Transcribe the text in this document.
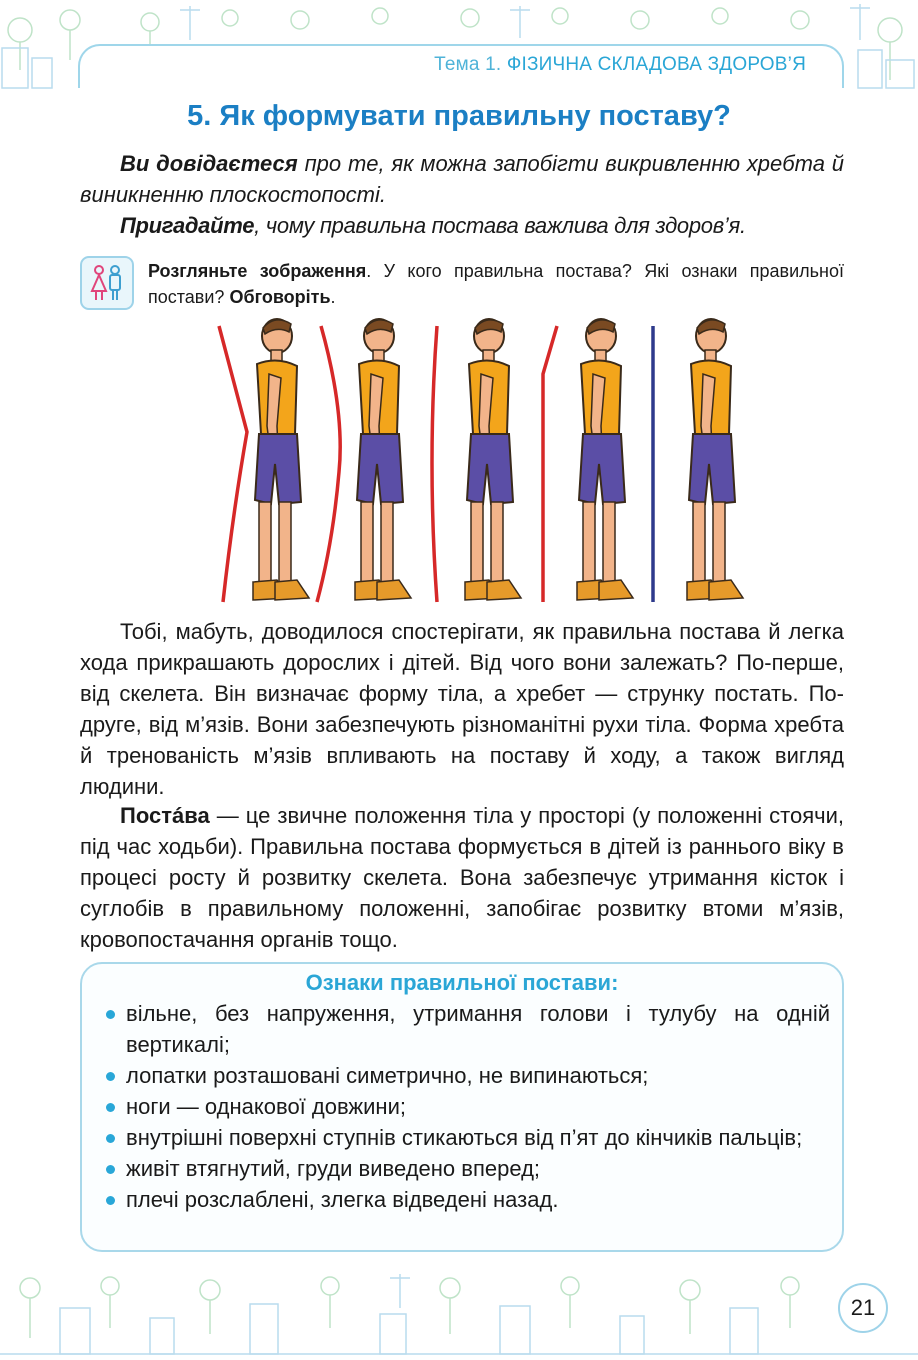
Тема 1. ФІЗИЧНА СКЛАДОВА ЗДОРОВ’Я
5. Як формувати правильну поставу?
Ви довідаєтеся про те, як можна запобігти викривленню хребта й виникненню плоскостопості.
Пригадайте, чому правильна постава важлива для здоров’я.
Розгляньте зображення. У кого правильна постава? Які ознаки правильної постави? Обговоріть.
Тобі, мабуть, доводилося спостерігати, як правильна постава й легка хода прикрашають дорослих і дітей. Від чого вони залежать? По-перше, від скелета. Він визначає форму тіла, а хребет — струнку постать. По-друге, від м’язів. Вони забезпечують різноманітні рухи тіла. Форма хребта й тренованість м’язів впливають на поставу й ходу, а також вигляд людини.
Постáва — це звичне положення тіла у просторі (у положенні стоячи, під час ходьби). Правильна постава формується в дітей із раннього віку в процесі росту й розвитку скелета. Вона забезпечує утримання кісток і суглобів в правильному положенні, запобігає розвитку втоми м’язів, кровопостачання органів тощо.
Ознаки правильної постави:
вільне, без напруження, утримання голови і тулубу на одній вертикалі;
лопатки розташовані симетрично, не випинаються;
ноги — однакової довжини;
внутрішні поверхні ступнів стикаються від п’ят до кінчиків пальців;
живіт втягнутий, груди виведено вперед;
плечі розслаблені, злегка відведені назад.
21
